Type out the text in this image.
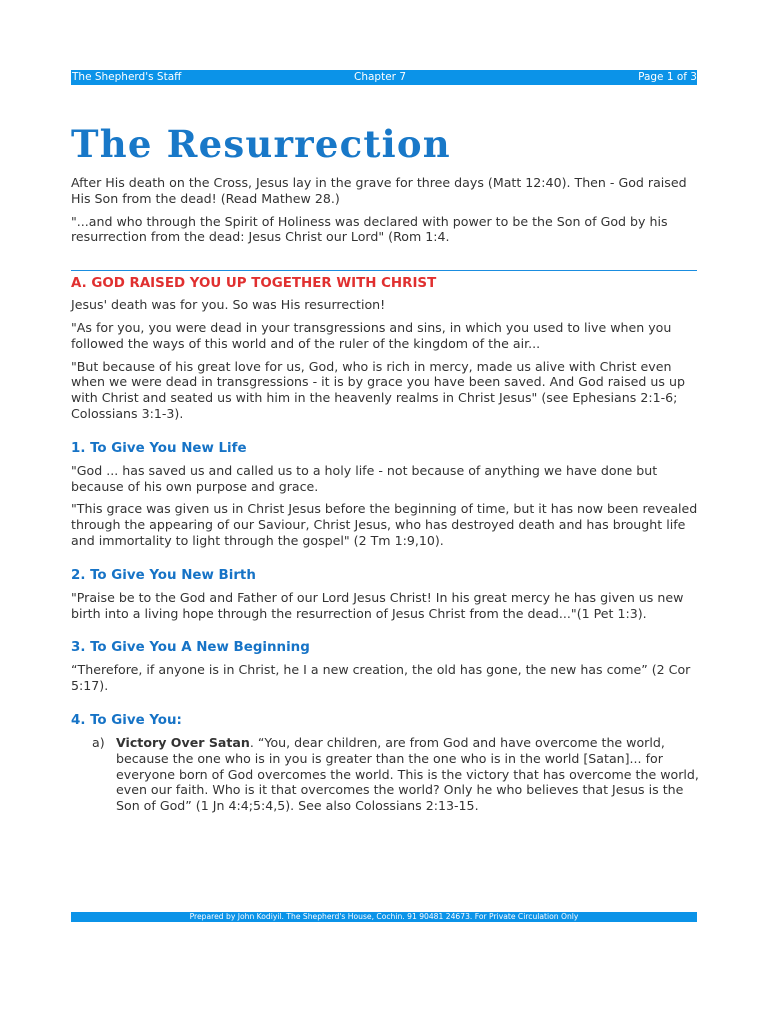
The Shepherd's Staff	Chapter 7	Page 1 of 3
The Resurrection

After His death on the Cross, Jesus lay in the grave for three days (Matt 12:40). Then - God raised His Son from the dead! (Read Mathew 28.)

"...and who through the Spirit of Holiness was declared with power to be the Son of God by his resurrection from the dead: Jesus Christ our Lord" (Rom 1:4.

A. GOD RAISED YOU UP TOGETHER WITH CHRIST

Jesus' death was for you. So was His resurrection!

"As for you, you were dead in your transgressions and sins, in which you used to live when you followed the ways of this world and of the ruler of the kingdom of the air...

"But because of his great love for us, God, who is rich in mercy, made us alive with Christ even when we were dead in transgressions - it is by grace you have been saved. And God raised us up with Christ and seated us with him in the heavenly realms in Christ Jesus" (see Ephesians 2:1-6; Colossians 3:1-3).

1. To Give You New Life

"God ... has saved us and called us to a holy life - not because of anything we have done but because of his own purpose and grace.

"This grace was given us in Christ Jesus before the beginning of time, but it has now been revealed through the appearing of our Saviour, Christ Jesus, who has destroyed death and has brought life and immortality to light through the gospel" (2 Tm 1:9,10).

2. To Give You New Birth

"Praise be to the God and Father of our Lord Jesus Christ! In his great mercy he has given us new birth into a living hope through the resurrection of Jesus Christ from the dead..."(1 Pet 1:3).

3. To Give You A New Beginning

“Therefore, if anyone is in Christ, he I a new creation, the old has gone, the new has come” (2 Cor 5:17).

4. To Give You:
a) Victory Over Satan. “You, dear children, are from God and have overcome the world, because the one who is in you is greater than the one who is in the world [Satan]... for everyone born of God overcomes the world. This is the victory that has overcome the world, even our faith. Who is it that overcomes the world? Only he who believes that Jesus is the Son of God” (1 Jn 4:4;5:4,5). See also Colossians 2:13-15.
Prepared by John Kodiyil. The Shepherd's House, Cochin. 91 90481 24673. For Private Circulation Only
